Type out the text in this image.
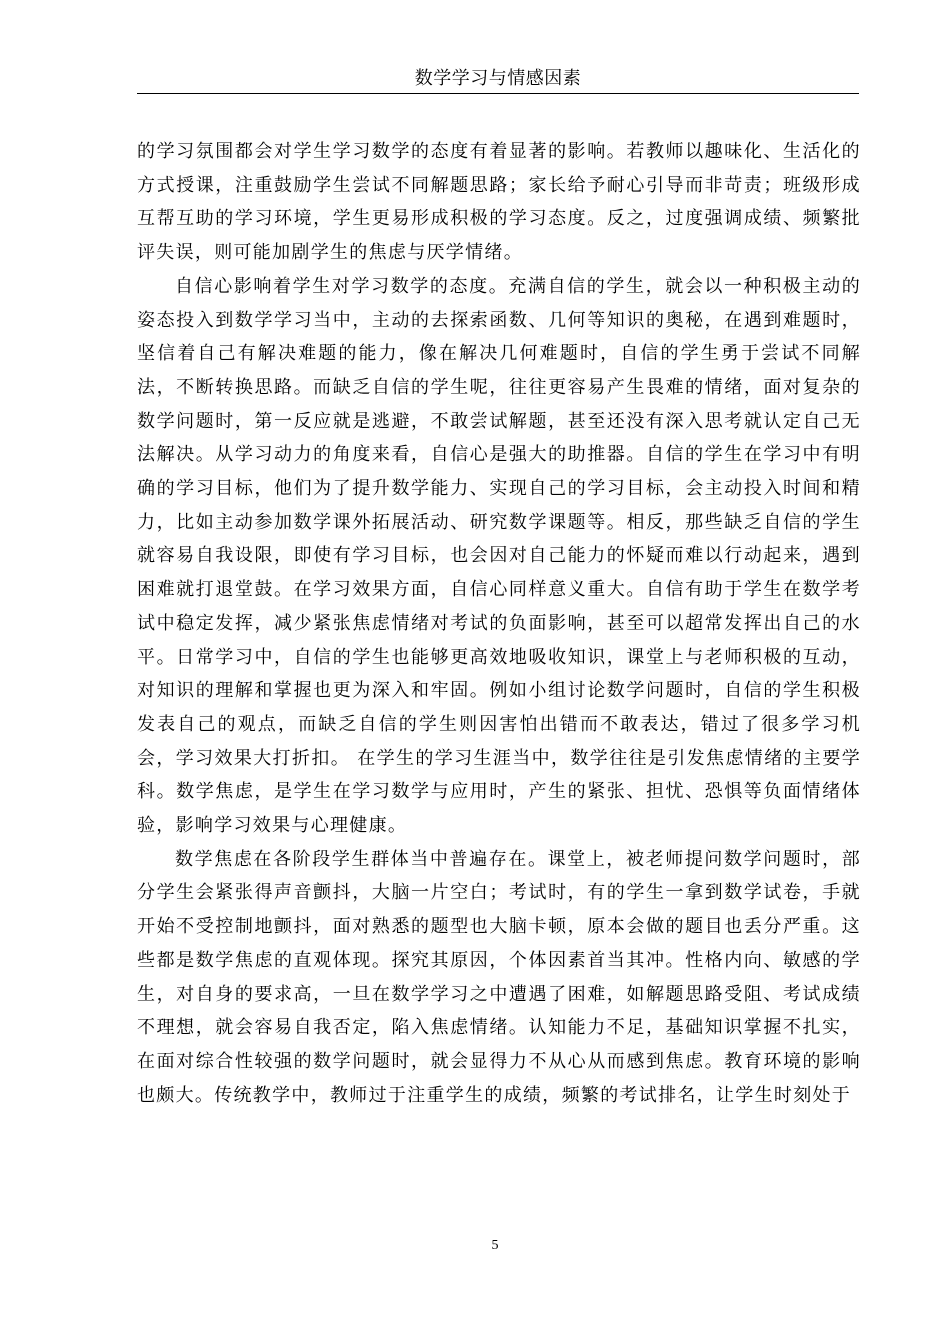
数学学习与情感因素

的学习氛围都会对学生学习数学的态度有着显著的影响。若教师以趣味化、生活化的方式授课，注重鼓励学生尝试不同解题思路；家长给予耐心引导而非苛责；班级形成互帮互助的学习环境，学生更易形成积极的学习态度。反之，过度强调成绩、频繁批评失误，则可能加剧学生的焦虑与厌学情绪。

自信心影响着学生对学习数学的态度。充满自信的学生，就会以一种积极主动的姿态投入到数学学习当中，主动的去探索函数、几何等知识的奥秘，在遇到难题时，坚信着自己有解决难题的能力，像在解决几何难题时，自信的学生勇于尝试不同解法，不断转换思路。而缺乏自信的学生呢，往往更容易产生畏难的情绪，面对复杂的数学问题时，第一反应就是逃避，不敢尝试解题，甚至还没有深入思考就认定自己无法解决。从学习动力的角度来看，自信心是强大的助推器。自信的学生在学习中有明确的学习目标，他们为了提升数学能力、实现自己的学习目标，会主动投入时间和精力，比如主动参加数学课外拓展活动、研究数学课题等。相反，那些缺乏自信的学生就容易自我设限，即使有学习目标，也会因对自己能力的怀疑而难以行动起来，遇到困难就打退堂鼓。在学习效果方面，自信心同样意义重大。自信有助于学生在数学考试中稳定发挥，减少紧张焦虑情绪对考试的负面影响，甚至可以超常发挥出自己的水平。日常学习中，自信的学生也能够更高效地吸收知识，课堂上与老师积极的互动，对知识的理解和掌握也更为深入和牢固。例如小组讨论数学问题时，自信的学生积极发表自己的观点，而缺乏自信的学生则因害怕出错而不敢表达，错过了很多学习机会，学习效果大打折扣。 在学生的学习生涯当中，数学往往是引发焦虑情绪的主要学科。数学焦虑，是学生在学习数学与应用时，产生的紧张、担忧、恐惧等负面情绪体验，影响学习效果与心理健康。

数学焦虑在各阶段学生群体当中普遍存在。课堂上，被老师提问数学问题时，部分学生会紧张得声音颤抖，大脑一片空白；考试时，有的学生一拿到数学试卷，手就开始不受控制地颤抖，面对熟悉的题型也大脑卡顿，原本会做的题目也丢分严重。这些都是数学焦虑的直观体现。探究其原因，个体因素首当其冲。性格内向、敏感的学生，对自身的要求高，一旦在数学学习之中遭遇了困难，如解题思路受阻、考试成绩不理想，就会容易自我否定，陷入焦虑情绪。认知能力不足，基础知识掌握不扎实，在面对综合性较强的数学问题时，就会显得力不从心从而感到焦虑。教育环境的影响也颇大。传统教学中，教师过于注重学生的成绩，频繁的考试排名，让学生时刻处于

5
